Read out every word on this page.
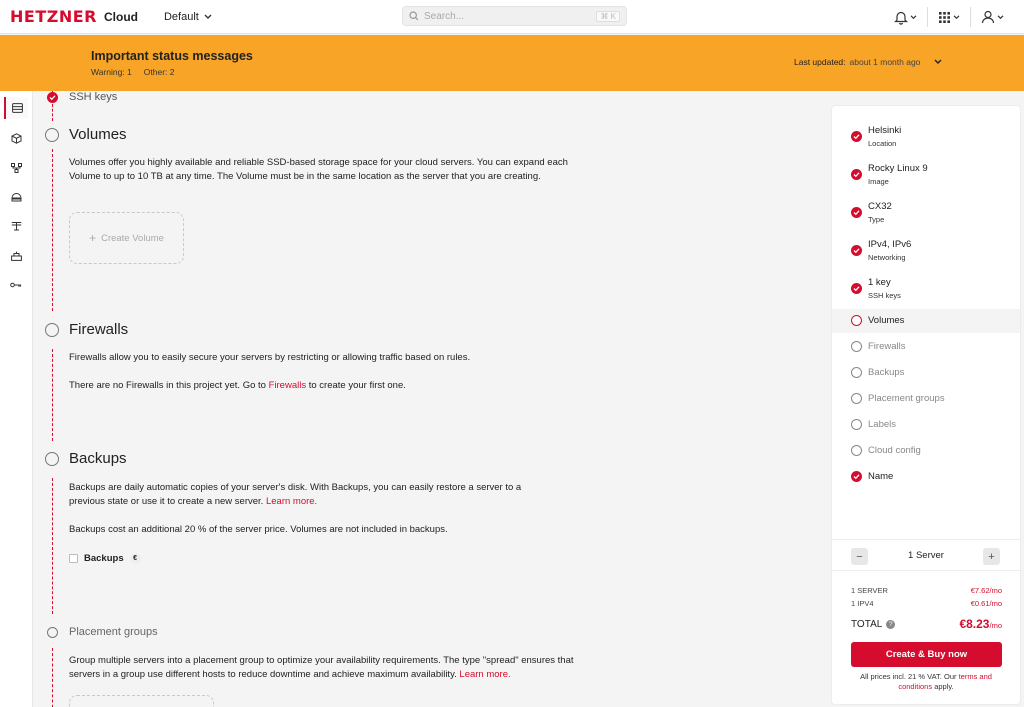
HETZNER Cloud Default
Search...	⌘ K
Important status messages
Warning: 1 Other: 2
Last updated: about 1 month ago
SSH keys
Volumes
Volumes offer you highly available and reliable SSD-based storage space for your cloud servers. You can expand each Volume to up to 10 TB at any time. The Volume must be in the same location as the server that you are creating.
+ Create Volume
Firewalls
Firewalls allow you to easily secure your servers by restricting or allowing traffic based on rules.
There are no Firewalls in this project yet. Go to Firewalls to create your first one.
Backups
Backups are daily automatic copies of your server's disk. With Backups, you can easily restore a server to a previous state or use it to create a new server. Learn more.
Backups cost an additional 20 % of the server price. Volumes are not included in backups.
Backups	€
Placement groups
Group multiple servers into a placement group to optimize your availability requirements. The type "spread" ensures that servers in a group use different hosts to reduce downtime and achieve maximum availability. Learn more.
Helsinki
Location
Rocky Linux 9
Image
CX32
Type
IPv4, IPv6
Networking
1 key
SSH keys
Volumes
Firewalls
Backups
Placement groups
Labels
Cloud config
Name
−	1 Server	+
1 SERVER	€7.62/mo
1 IPV4	€0.61/mo
TOTAL	?	€8.23/mo
Create & Buy now
All prices incl. 21 % VAT. Our terms and conditions apply.
